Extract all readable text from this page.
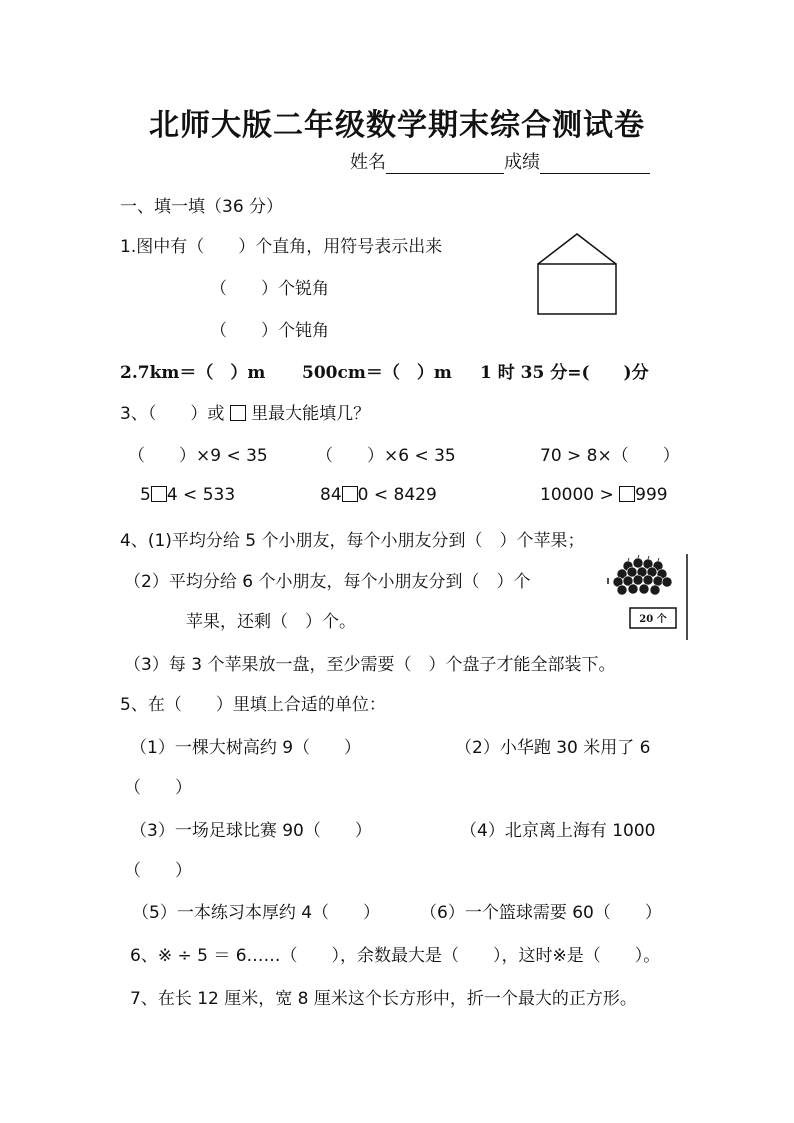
北师大版二年级数学期末综合测试卷
姓名	成绩
一、填一填（36 分）
1.图中有（　　）个直角，用符号表示出来
（　　）个锐角
（　　）个钝角
2.7km＝（　）m 500cm＝（　）m 1 时 35 分=(　　)分
3、（　　）或 里最大能填几？
（　　）×9 < 35	（　　）×6 < 35	70 > 8×（　　）
5 4 < 533	84 0 < 8429	10000 > 999
4、(1)平均分给 5 个小朋友，每个小朋友分到（　）个苹果；
（2）平均分给 6 个小朋友，每个小朋友分到（　）个
苹果，还剩（　）个。
（3）每 3 个苹果放一盘，至少需要（　）个盘子才能全部装下。
20 个
5、在（　　）里填上合适的单位：
（1）一棵大树高约 9（　　）	（2）小华跑 30 米用了 6
（　　）
（3）一场足球比赛 90（　　）	（4）北京离上海有 1000
（　　）
（5）一本练习本厚约 4（　　） （6）一个篮球需要 60（　　）
6、※ ÷ 5 ＝ 6……（　　），余数最大是（　　），这时※是（　　）。
7、在长 12 厘米，宽 8 厘米这个长方形中，折一个最大的正方形。
